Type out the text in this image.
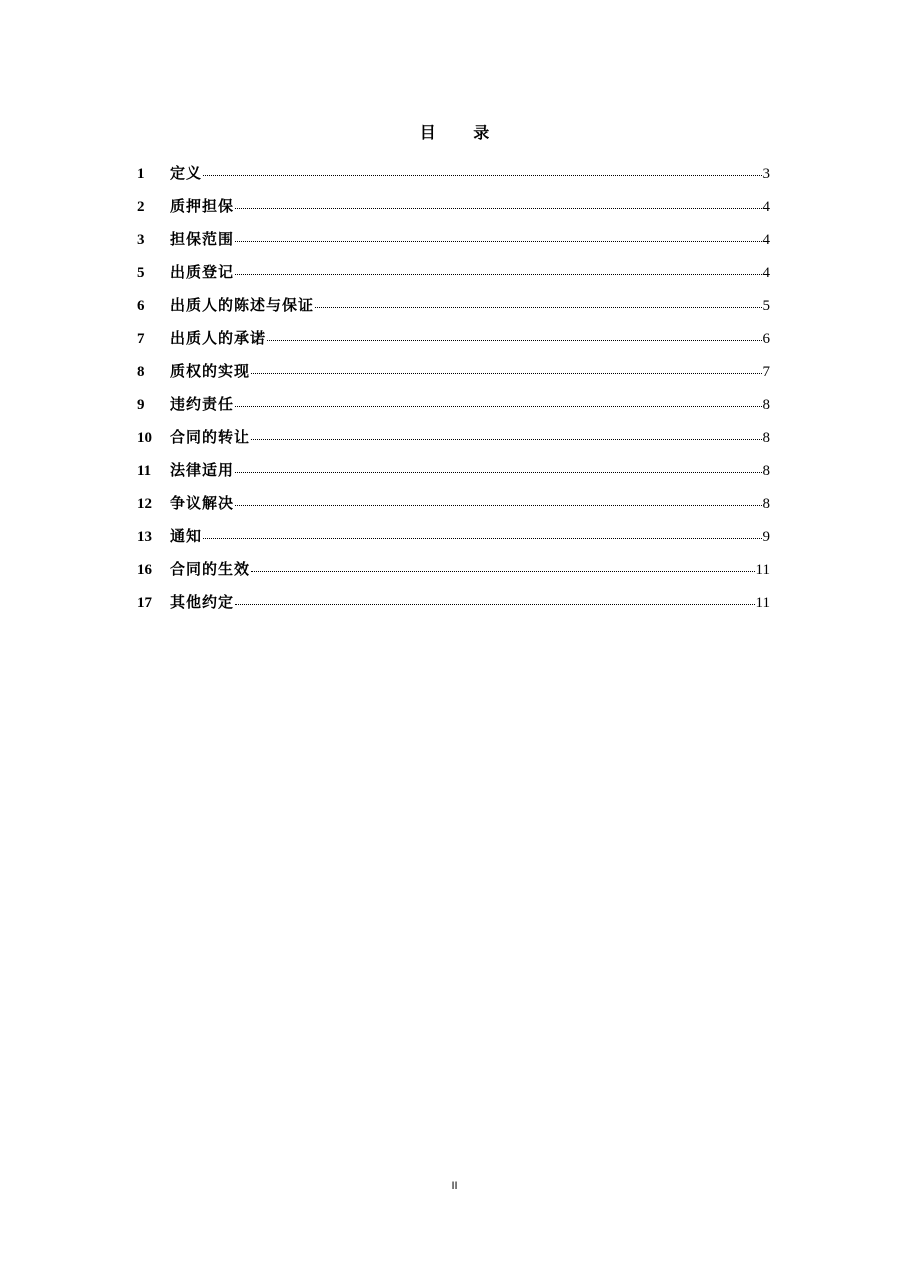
目 录
1	定义	3
2	质押担保	4
3	担保范围	4
5	出质登记	4
6	出质人的陈述与保证	5
7	出质人的承诺	6
8	质权的实现	7
9	违约责任	8
10	合同的转让	8
11	法律适用	8
12	争议解决	8
13	通知	9
16	合同的生效	11
17	其他约定	11
II
